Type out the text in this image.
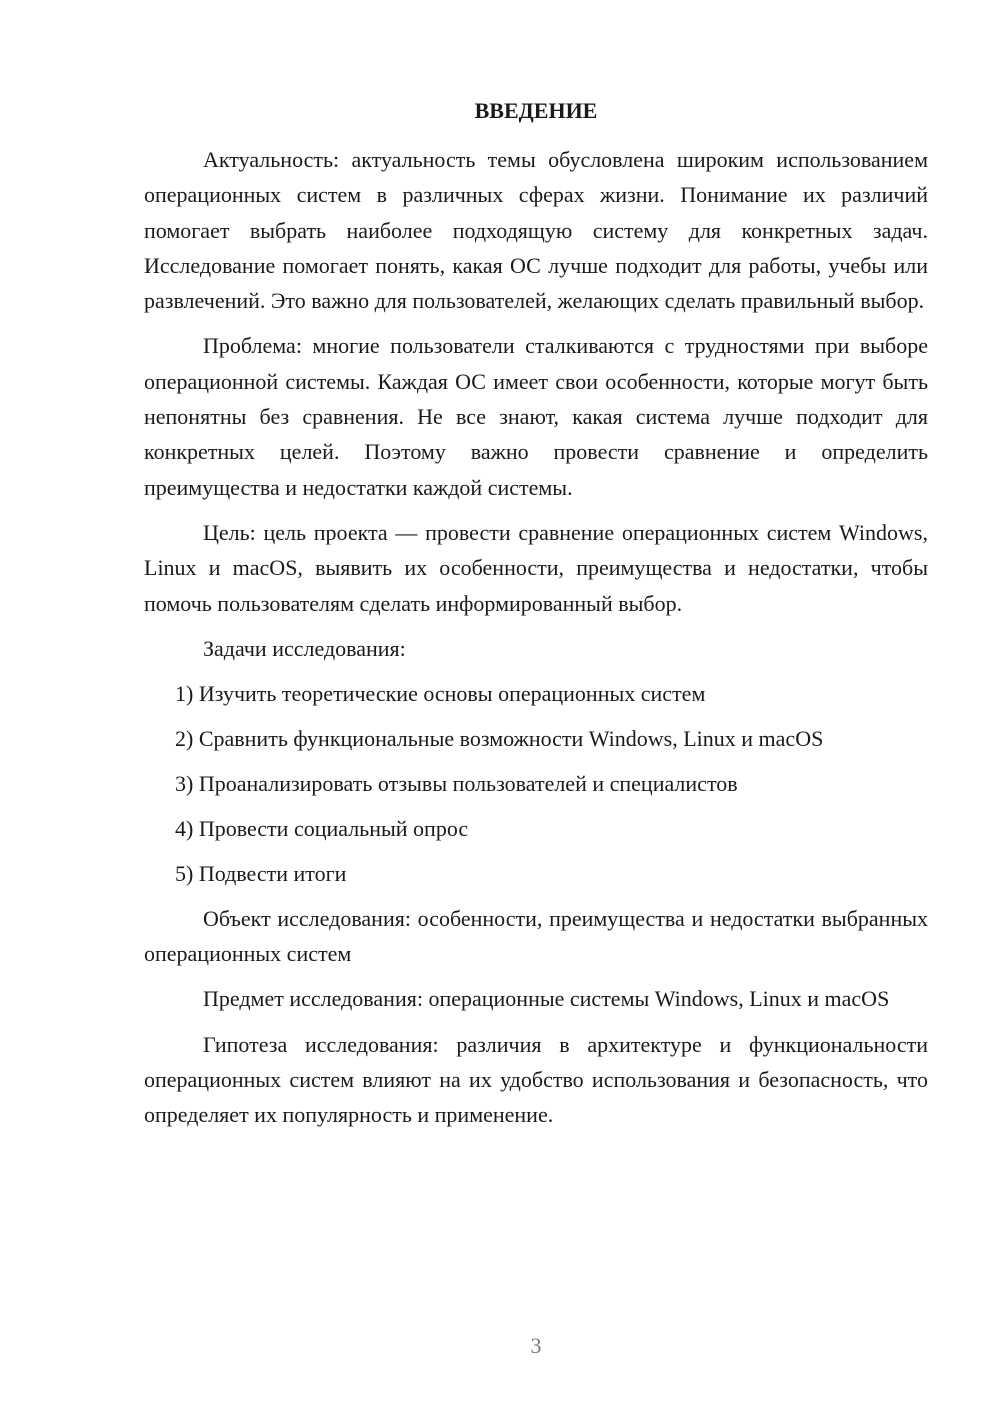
ВВЕДЕНИЕ

Актуальность: актуальность темы обусловлена широким использованием операционных систем в различных сферах жизни. Понимание их различий помогает выбрать наиболее подходящую систему для конкретных задач. Исследование помогает понять, какая ОС лучше подходит для работы, учебы или развлечений. Это важно для пользователей, желающих сделать правильный выбор.

Проблема: многие пользователи сталкиваются с трудностями при выборе операционной системы. Каждая ОС имеет свои особенности, которые могут быть непонятны без сравнения. Не все знают, какая система лучше подходит для конкретных целей. Поэтому важно провести сравнение и определить преимущества и недостатки каждой системы.

Цель: цель проекта — провести сравнение операционных систем Windows, Linux и macOS, выявить их особенности, преимущества и недостатки, чтобы помочь пользователям сделать информированный выбор.

Задачи исследования:

1) Изучить теоретические основы операционных систем
2) Сравнить функциональные возможности Windows, Linux и macOS
3) Проанализировать отзывы пользователей и специалистов
4) Провести социальный опрос
5) Подвести итоги

Объект исследования: особенности, преимущества и недостатки выбранных операционных систем

Предмет исследования: операционные системы Windows, Linux и macOS

Гипотеза исследования: различия в архитектуре и функциональности операционных систем влияют на их удобство использования и безопасность, что определяет их популярность и применение.

3
